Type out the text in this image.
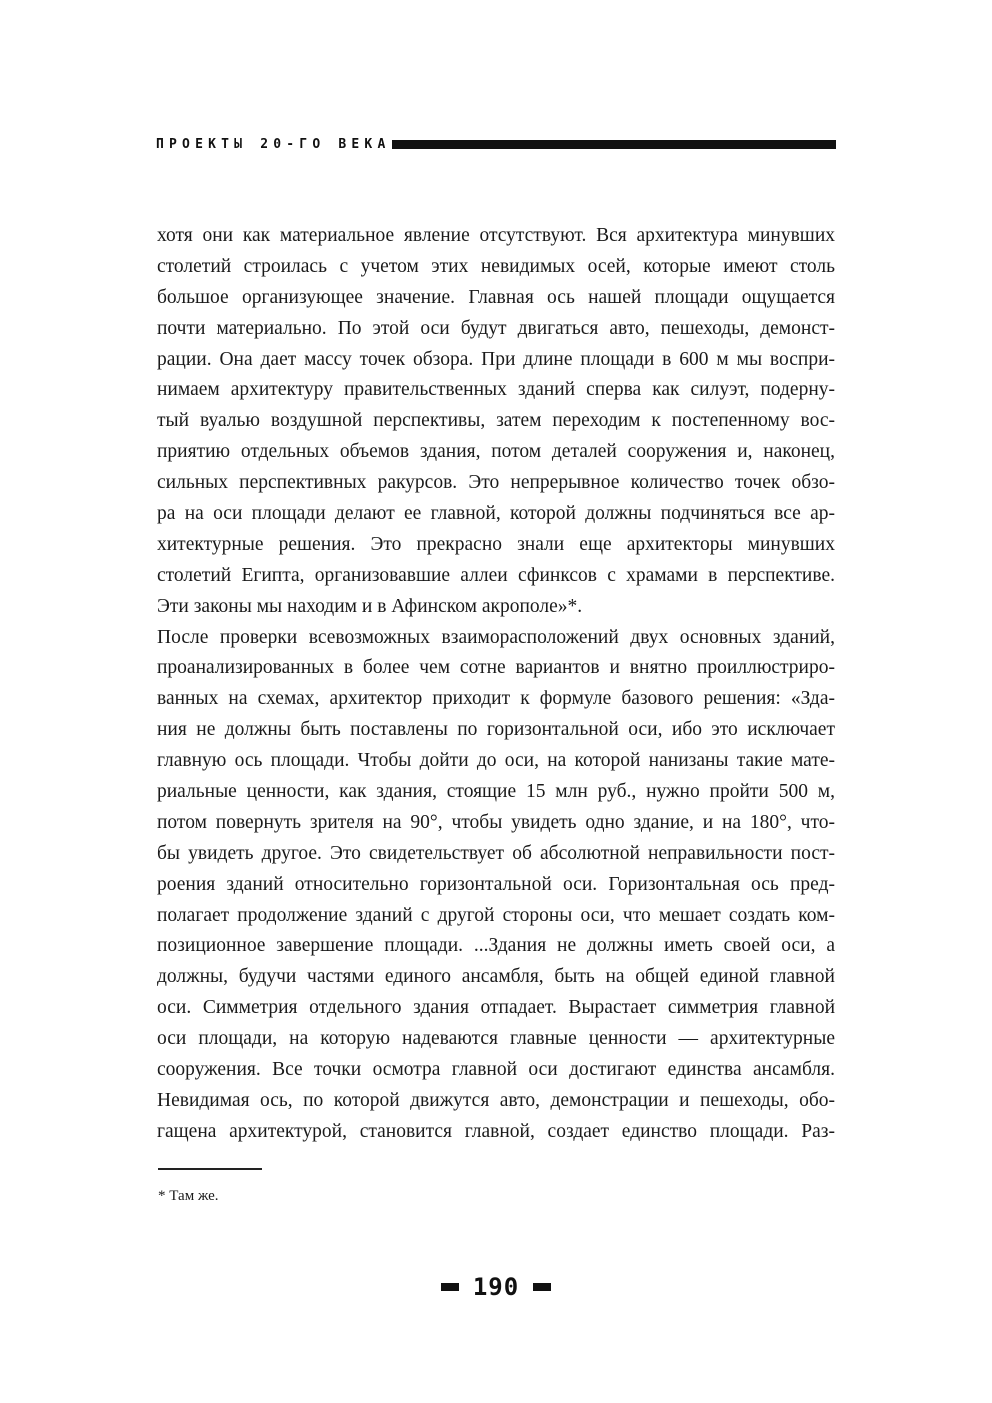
ПРОЕКТЫ 20-ГО ВЕКА
хотя они как материальное явление отсутствуют. Вся архитектура минувших
столетий строилась с учетом этих невидимых осей, которые имеют столь
большое организующее значение. Главная ось нашей площади ощущается
почти материально. По этой оси будут двигаться авто, пешеходы, демонст-
рации. Она дает массу точек обзора. При длине площади в 600 м мы воспри-
нимаем архитектуру правительственных зданий сперва как силуэт, подерну-
тый вуалью воздушной перспективы, затем переходим к постепенному вос-
приятию отдельных объемов здания, потом деталей сооружения и, наконец,
сильных перспективных ракурсов. Это непрерывное количество точек обзо-
ра на оси площади делают ее главной, которой должны подчиняться все ар-
хитектурные решения. Это прекрасно знали еще архитекторы минувших
столетий Египта, организовавшие аллеи сфинксов с храмами в перспективе.
Эти законы мы находим и в Афинском акрополе»*.
После проверки всевозможных взаиморасположений двух основных зданий,
проанализированных в более чем сотне вариантов и внятно проиллюстриро-
ванных на схемах, архитектор приходит к формуле базового решения: «Зда-
ния не должны быть поставлены по горизонтальной оси, ибо это исключает
главную ось площади. Чтобы дойти до оси, на которой нанизаны такие мате-
риальные ценности, как здания, стоящие 15 млн руб., нужно пройти 500 м,
потом повернуть зрителя на 90°, чтобы увидеть одно здание, и на 180°, что-
бы увидеть другое. Это свидетельствует об абсолютной неправильности пост-
роения зданий относительно горизонтальной оси. Горизонтальная ось пред-
полагает продолжение зданий с другой стороны оси, что мешает создать ком-
позиционное завершение площади. ...Здания не должны иметь своей оси, а
должны, будучи частями единого ансамбля, быть на общей единой главной
оси. Симметрия отдельного здания отпадает. Вырастает симметрия главной
оси площади, на которую надеваются главные ценности — архитектурные
сооружения. Все точки осмотра главной оси достигают единства ансамбля.
Невидимая ось, по которой движутся авто, демонстрации и пешеходы, обо-
гащена архитектурой, становится главной, создает единство площади. Раз-
* Там же.
190
